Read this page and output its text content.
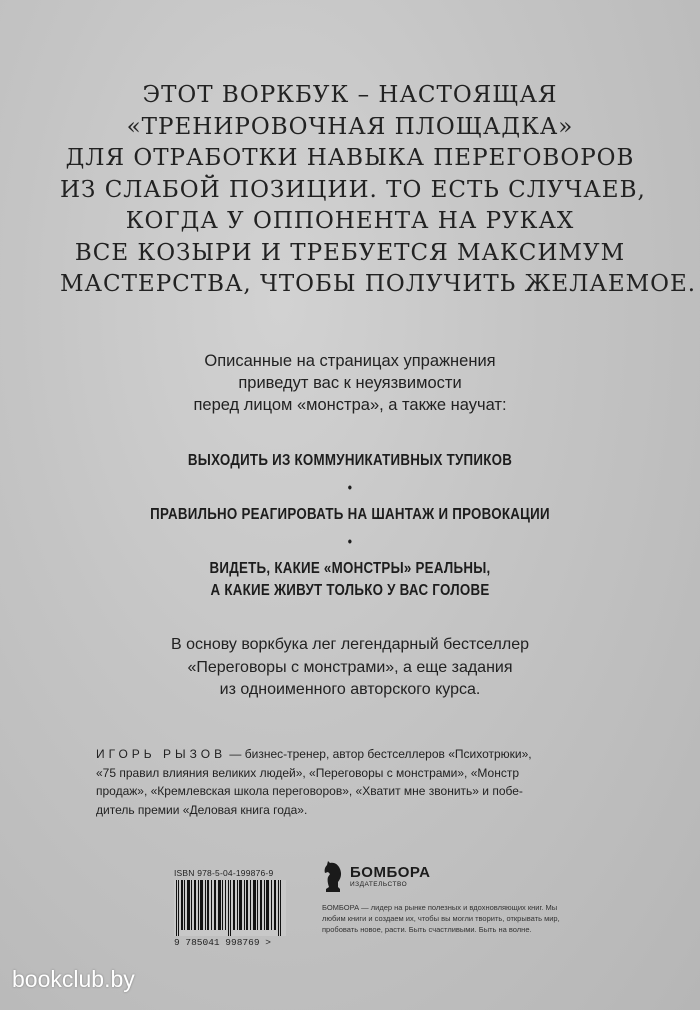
ЭТОТ ВОРКБУК – НАСТОЯЩАЯ
«ТРЕНИРОВОЧНАЯ ПЛОЩАДКА»
ДЛЯ ОТРАБОТКИ НАВЫКА ПЕРЕГОВОРОВ
ИЗ СЛАБОЙ ПОЗИЦИИ. ТО ЕСТЬ СЛУЧАЕВ,
КОГДА У ОППОНЕНТА НА РУКАХ
ВСЕ КОЗЫРИ И ТРЕБУЕТСЯ МАКСИМУМ
МАСТЕРСТВА, ЧТОБЫ ПОЛУЧИТЬ ЖЕЛАЕМОЕ.
Описанные на страницах упражнения
приведут вас к неуязвимости
перед лицом «монстра», а также научат:
ВЫХОДИТЬ ИЗ КОММУНИКАТИВНЫХ ТУПИКОВ
•
ПРАВИЛЬНО РЕАГИРОВАТЬ НА ШАНТАЖ И ПРОВОКАЦИИ
•
ВИДЕТЬ, КАКИЕ «МОНСТРЫ» РЕАЛЬНЫ,
А КАКИЕ ЖИВУТ ТОЛЬКО У ВАС ГОЛОВЕ
В основу воркбука лег легендарный бестселлер
«Переговоры с монстрами», а еще задания
из одноименного авторского курса.
ИГОРЬ РЫЗОВ — бизнес-тренер, автор бестселлеров «Психотрюки»,
«75 правил влияния великих людей», «Переговоры с монстрами», «Монстр
продаж», «Кремлевская школа переговоров», «Хватит мне звонить» и побе-
дитель премии «Деловая книга года».
ISBN 978-5-04-199876-9
9 785041 998769 >
БОМБОРА
ИЗДАТЕЛЬСТВО
БОМБОРА — лидер на рынке полезных и вдохновляющих книг. Мы любим книги и создаем их, чтобы вы могли творить, открывать мир, пробовать новое, расти. Быть счастливыми. Быть на волне.
bookclub.by
